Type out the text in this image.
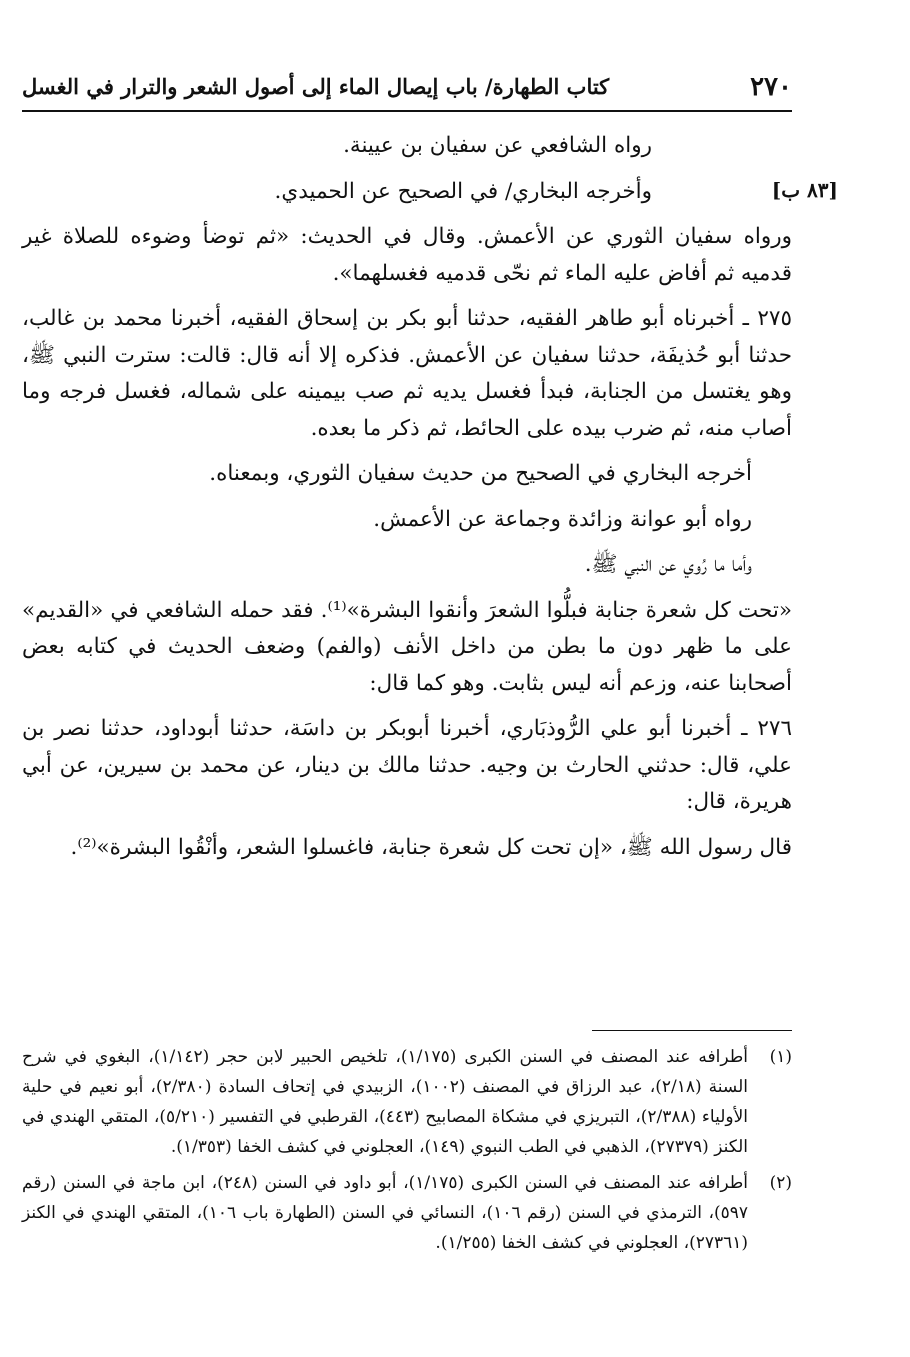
٢٧٠
كتاب الطهارة/ باب إيصال الماء إلى أصول الشعر والترار في الغسل
[٨٣ ب]

رواه الشافعي عن سفيان بن عيينة.

وأخرجه البخاري/ في الصحيح عن الحميدي.

ورواه سفيان الثوري عن الأعمش. وقال في الحديث: «ثم توضأ وضوءه للصلاة غير قدميه ثم أفاض عليه الماء ثم نحّى قدميه فغسلهما».

٢٧٥ ـ أخبرناه أبو طاهر الفقيه، حدثنا أبو بكر بن إسحاق الفقيه، أخبرنا محمد بن غالب، حدثنا أبو حُذيفَة، حدثنا سفيان عن الأعمش. فذكره إلا أنه قال: قالت: سترت النبي ﷺ، وهو يغتسل من الجنابة، فبدأ فغسل يديه ثم صب بيمينه على شماله، فغسل فرجه وما أصاب منه، ثم ضرب بيده على الحائط، ثم ذكر ما بعده.

أخرجه البخاري في الصحيح من حديث سفيان الثوري، وبمعناه.

رواه أبو عوانة وزائدة وجماعة عن الأعمش.

وأما ما رُوي عن النبي ﷺ.

«تحت كل شعرة جنابة فبلُّوا الشعرَ وأنقوا البشرة»⁽¹⁾. فقد حمله الشافعي في «القديم» على ما ظهر دون ما بطن من داخل الأنف (والفم) وضعف الحديث في كتابه بعض أصحابنا عنه، وزعم أنه ليس بثابت. وهو كما قال:

٢٧٦ ـ أخبرنا أبو علي الرُّوذبَاري، أخبرنا أبوبكر بن داسَة، حدثنا أبوداود، حدثنا نصر بن علي، قال: حدثني الحارث بن وجيه. حدثنا مالك بن دينار، عن محمد بن سيرين، عن أبي هريرة، قال:

قال رسول الله ﷺ، «إن تحت كل شعرة جنابة، فاغسلوا الشعر، وأنْقُوا البشرة»⁽²⁾.

(١)
أطرافه عند المصنف في السنن الكبرى (١/١٧٥)، تلخيص الحبير لابن حجر (١/١٤٢)، البغوي في شرح السنة (٢/١٨)، عبد الرزاق في المصنف (١٠٠٢)، الزبيدي في إتحاف السادة (٢/٣٨٠)، أبو نعيم في حلية الأولياء (٢/٣٨٨)، التبريزي في مشكاة المصابيح (٤٤٣)، القرطبي في التفسير (٥/٢١٠)، المتقي الهندي في الكنز (٢٧٣٧٩)، الذهبي في الطب النبوي (١٤٩)، العجلوني في كشف الخفا (١/٣٥٣).
(٢)
أطرافه عند المصنف في السنن الكبرى (١/١٧٥)، أبو داود في السنن (٢٤٨)، ابن ماجة في السنن (رقم ٥٩٧)، الترمذي في السنن (رقم ١٠٦)، النسائي في السنن (الطهارة باب ١٠٦)، المتقي الهندي في الكنز (٢٧٣٦١)، العجلوني في كشف الخفا (١/٢٥٥).
